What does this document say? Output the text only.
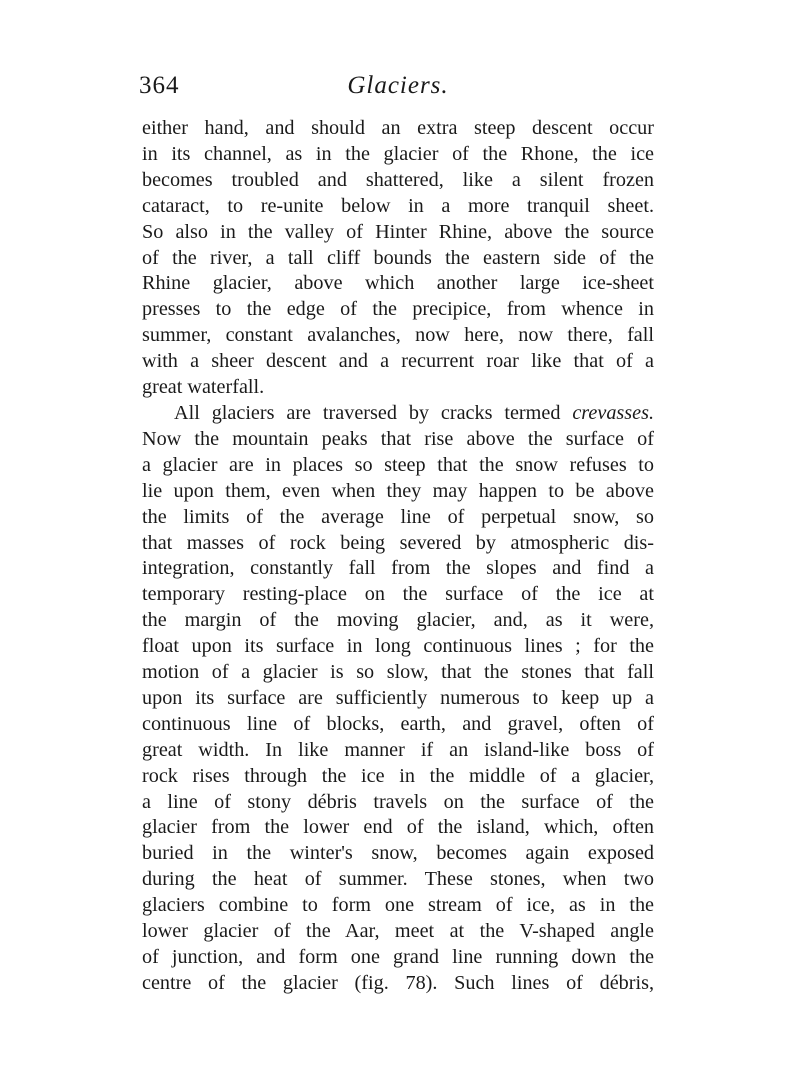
364	Glaciers.
either hand, and should an extra steep descent occur
in its channel, as in the glacier of the Rhone, the ice
becomes troubled and shattered, like a silent frozen
cataract, to re-unite below in a more tranquil sheet.
So also in the valley of Hinter Rhine, above the source
of the river, a tall cliff bounds the eastern side of the
Rhine glacier, above which another large ice-sheet
presses to the edge of the precipice, from whence in
summer, constant avalanches, now here, now there, fall
with a sheer descent and a recurrent roar like that of a
great waterfall.
All glaciers are traversed by cracks termed crevasses.
Now the mountain peaks that rise above the surface of
a glacier are in places so steep that the snow refuses to
lie upon them, even when they may happen to be above
the limits of the average line of perpetual snow, so
that masses of rock being severed by atmospheric dis-
integration, constantly fall from the slopes and find a
temporary resting-place on the surface of the ice at
the margin of the moving glacier, and, as it were,
float upon its surface in long continuous lines ; for the
motion of a glacier is so slow, that the stones that fall
upon its surface are sufficiently numerous to keep up a
continuous line of blocks, earth, and gravel, often of
great width. In like manner if an island-like boss of
rock rises through the ice in the middle of a glacier,
a line of stony débris travels on the surface of the
glacier from the lower end of the island, which, often
buried in the winter's snow, becomes again exposed
during the heat of summer. These stones, when two
glaciers combine to form one stream of ice, as in the
lower glacier of the Aar, meet at the V-shaped angle
of junction, and form one grand line running down the
centre of the glacier (fig. 78). Such lines of débris,
